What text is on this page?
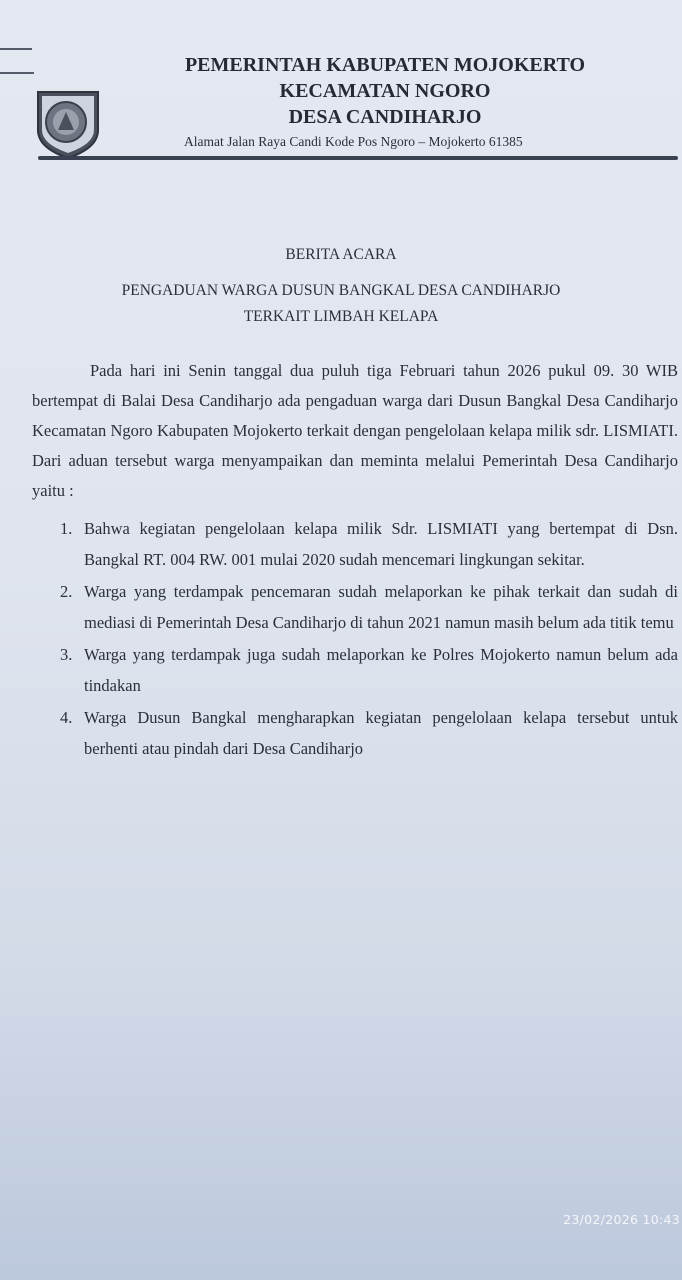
PEMERINTAH KABUPATEN MOJOKERTO
KECAMATAN NGORO
DESA CANDIHARJO
Alamat Jalan Raya Candi Kode Pos Ngoro – Mojokerto 61385
BERITA ACARA
PENGADUAN WARGA DUSUN BANGKAL DESA CANDIHARJO
TERKAIT LIMBAH KELAPA

Pada hari ini Senin tanggal dua puluh tiga Februari tahun 2026 pukul 09. 30 WIB bertempat di Balai Desa Candiharjo ada pengaduan warga dari Dusun Bangkal Desa Candiharjo Kecamatan Ngoro Kabupaten Mojokerto terkait dengan pengelolaan kelapa milik sdr. LISMIATI. Dari aduan tersebut warga menyampaikan dan meminta melalui Pemerintah Desa Candiharjo yaitu :

1. Bahwa kegiatan pengelolaan kelapa milik Sdr. LISMIATI yang bertempat di Dsn. Bangkal RT. 004 RW. 001 mulai 2020 sudah mencemari lingkungan sekitar.
2. Warga yang terdampak pencemaran sudah melaporkan ke pihak terkait dan sudah di mediasi di Pemerintah Desa Candiharjo di tahun 2021 namun masih belum ada titik temu
3. Warga yang terdampak juga sudah melaporkan ke Polres Mojokerto namun belum ada tindakan
4. Warga Dusun Bangkal mengharapkan kegiatan pengelolaan kelapa tersebut untuk berhenti atau pindah dari Desa Candiharjo
23/02/2026 10:43
